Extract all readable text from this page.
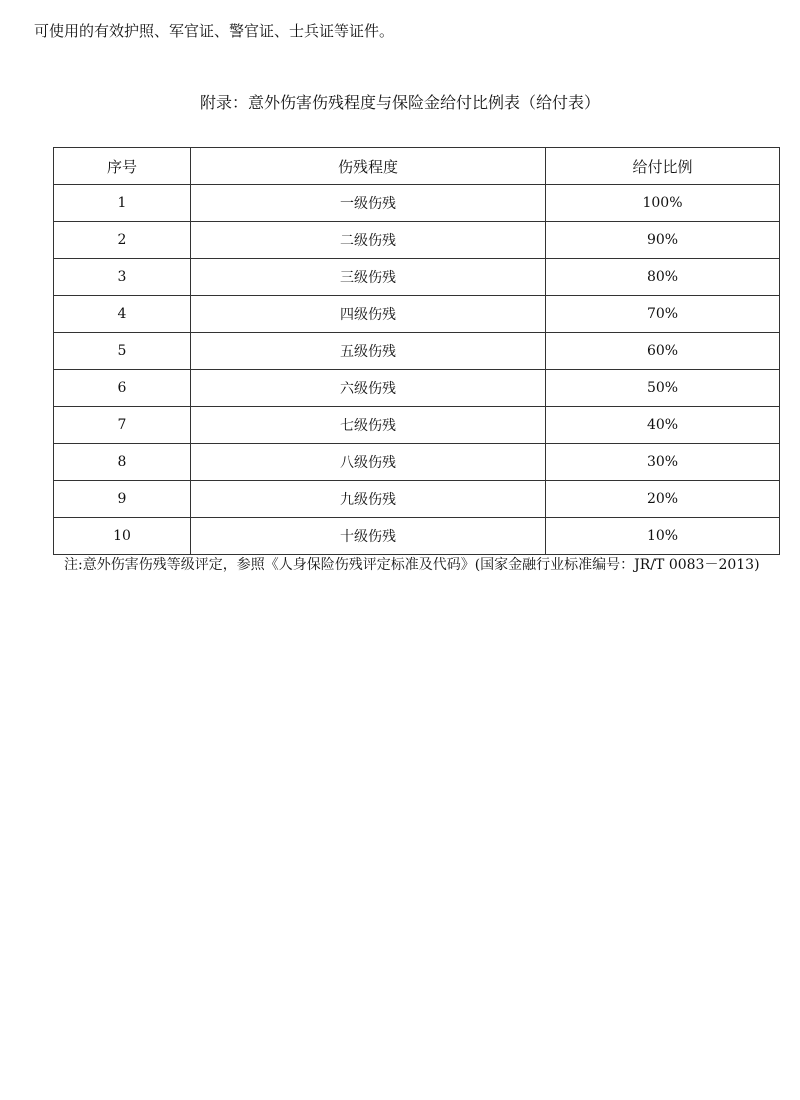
可使用的有效护照、军官证、警官证、士兵证等证件。
附录：意外伤害伤残程度与保险金给付比例表（给付表）
序号	伤残程度	给付比例
1	一级伤残	100%
2	二级伤残	90%
3	三级伤残	80%
4	四级伤残	70%
5	五级伤残	60%
6	六级伤残	50%
7	七级伤残	40%
8	八级伤残	30%
9	九级伤残	20%
10	十级伤残	10%
注:意外伤害伤残等级评定，参照《人身保险伤残评定标准及代码》(国家金融行业标准编号：JR/T 0083－2013)
